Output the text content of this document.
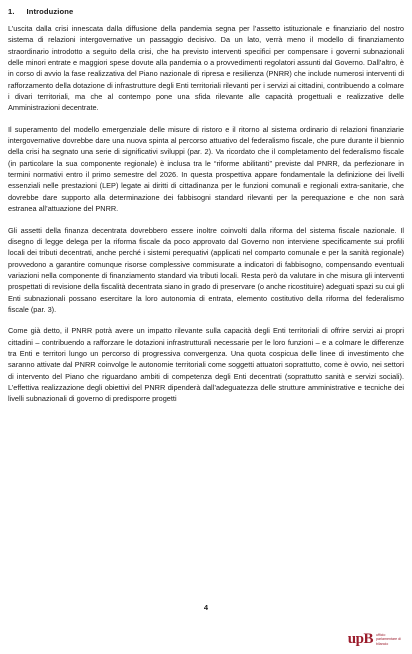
1. Introduzione

L’uscita dalla crisi innescata dalla diffusione della pandemia segna per l’assetto istituzionale e finanziario del nostro sistema di relazioni intergovernative un passaggio decisivo. Da un lato, verrà meno il modello di finanziamento straordinario introdotto a seguito della crisi, che ha previsto interventi specifici per compensare i governi subnazionali delle minori entrate e maggiori spese dovute alla pandemia o a provvedimenti regolatori assunti dal Governo. Dall’altro, è in corso di avvio la fase realizzativa del Piano nazionale di ripresa e resilienza (PNRR) che include numerosi interventi di rafforzamento della dotazione di infrastrutture degli Enti territoriali rilevanti per i servizi ai cittadini, contribuendo a colmare i divari territoriali, ma che al contempo pone una sfida rilevante alle capacità progettuali e realizzative delle Amministrazioni decentrate.

Il superamento del modello emergenziale delle misure di ristoro e il ritorno al sistema ordinario di relazioni finanziarie intergovernative dovrebbe dare una nuova spinta al percorso attuativo del federalismo fiscale, che pure durante il biennio della crisi ha segnato una serie di significativi sviluppi (par. 2). Va ricordato che il completamento del federalismo fiscale (in particolare la sua componente regionale) è inclusa tra le “riforme abilitanti” previste dal PNRR, da perfezionare in termini normativi entro il primo semestre del 2026. In questa prospettiva appare fondamentale la definizione dei livelli essenziali nelle prestazioni (LEP) legate ai diritti di cittadinanza per le funzioni comunali e regionali extra-sanitarie, che dovrebbe dare supporto alla determinazione dei fabbisogni standard rilevanti per la perequazione e che non sarà estranea all’attuazione del PNRR.

Gli assetti della finanza decentrata dovrebbero essere inoltre coinvolti dalla riforma del sistema fiscale nazionale. Il disegno di legge delega per la riforma fiscale da poco approvato dal Governo non interviene specificamente sui profili locali dei tributi decentrati, anche perché i sistemi perequativi (applicati nel comparto comunale e per la sanità regionale) provvedono a garantire comunque risorse complessive commisurate a indicatori di fabbisogno, compensando eventuali variazioni nella componente di finanziamento standard via tributi locali. Resta però da valutare in che misura gli interventi prospettati di revisione della fiscalità decentrata siano in grado di preservare (o anche ricostituire) adeguati spazi su cui gli Enti subnazionali possano esercitare la loro autonomia di entrata, elemento costitutivo della riforma del federalismo fiscale (par. 3).

Come già detto, il PNRR potrà avere un impatto rilevante sulla capacità degli Enti territoriali di offrire servizi ai propri cittadini – contribuendo a rafforzare le dotazioni infrastrutturali necessarie per le loro funzioni – e a colmare le differenze tra Enti e territori lungo un percorso di progressiva convergenza. Una quota cospicua delle linee di investimento che saranno attivate dal PNRR coinvolge le autonomie territoriali come soggetti attuatori soprattutto, come è ovvio, nei settori di intervento del Piano che riguardano ambiti di competenza degli Enti decentrati (soprattutto sanità e servizi sociali). L’effettiva realizzazione degli obiettivi del PNRR dipenderà dall’adeguatezza delle strutture amministrative e tecniche dei livelli subnazionali di governo di predisporre progetti

4
upB ufficio parlamentare di bilancio
